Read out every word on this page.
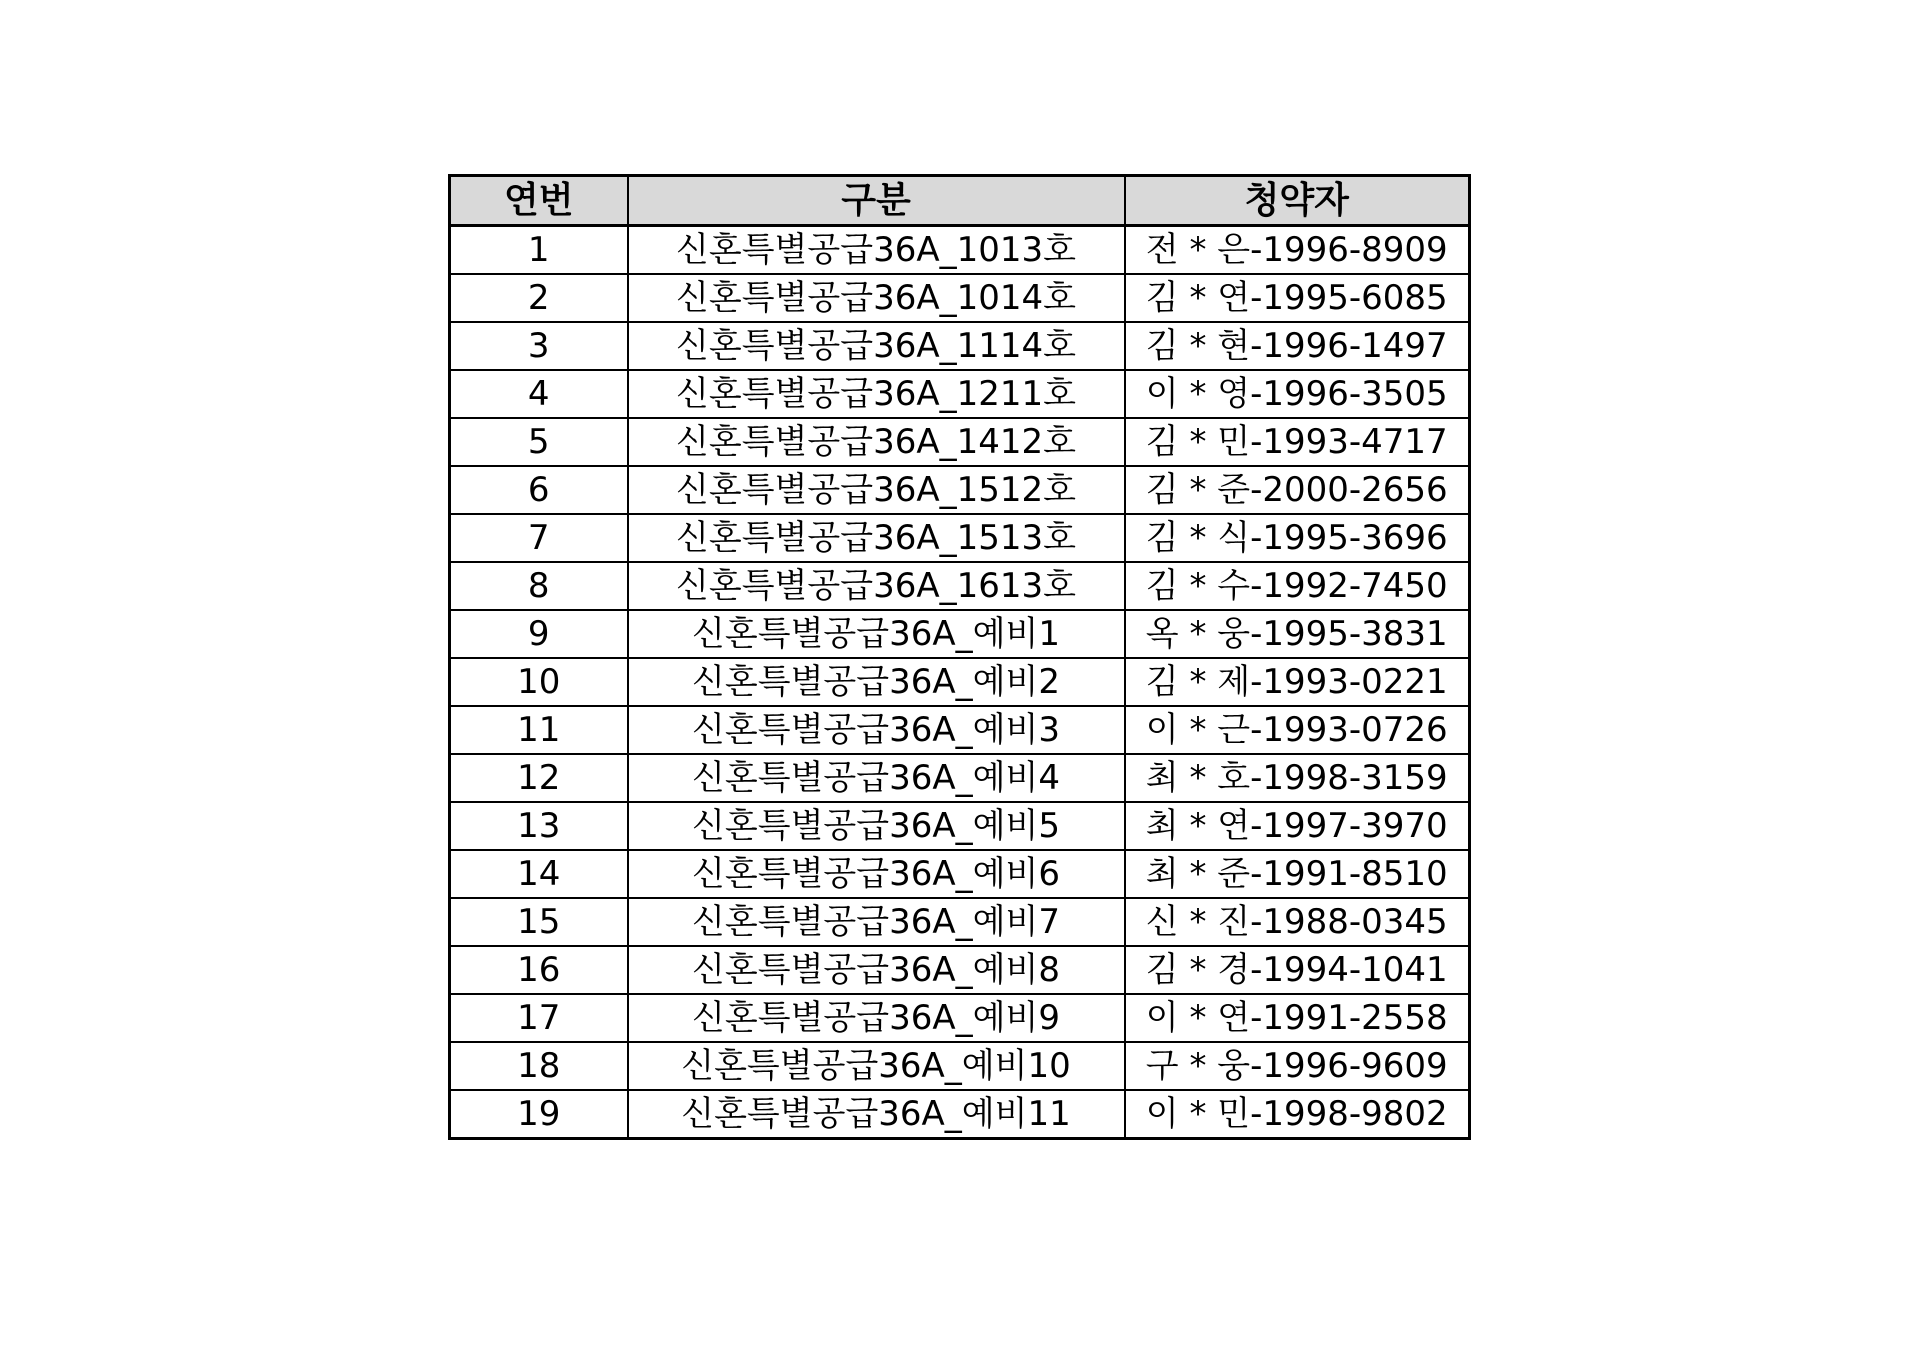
연번	구분	청약자
1	신혼특별공급36A_1013호	전 * 은-1996-8909
2	신혼특별공급36A_1014호	김 * 연-1995-6085
3	신혼특별공급36A_1114호	김 * 현-1996-1497
4	신혼특별공급36A_1211호	이 * 영-1996-3505
5	신혼특별공급36A_1412호	김 * 민-1993-4717
6	신혼특별공급36A_1512호	김 * 준-2000-2656
7	신혼특별공급36A_1513호	김 * 식-1995-3696
8	신혼특별공급36A_1613호	김 * 수-1992-7450
9	신혼특별공급36A_예비1	옥 * 웅-1995-3831
10	신혼특별공급36A_예비2	김 * 제-1993-0221
11	신혼특별공급36A_예비3	이 * 근-1993-0726
12	신혼특별공급36A_예비4	최 * 호-1998-3159
13	신혼특별공급36A_예비5	최 * 연-1997-3970
14	신혼특별공급36A_예비6	최 * 준-1991-8510
15	신혼특별공급36A_예비7	신 * 진-1988-0345
16	신혼특별공급36A_예비8	김 * 경-1994-1041
17	신혼특별공급36A_예비9	이 * 연-1991-2558
18	신혼특별공급36A_예비10	구 * 웅-1996-9609
19	신혼특별공급36A_예비11	이 * 민-1998-9802
